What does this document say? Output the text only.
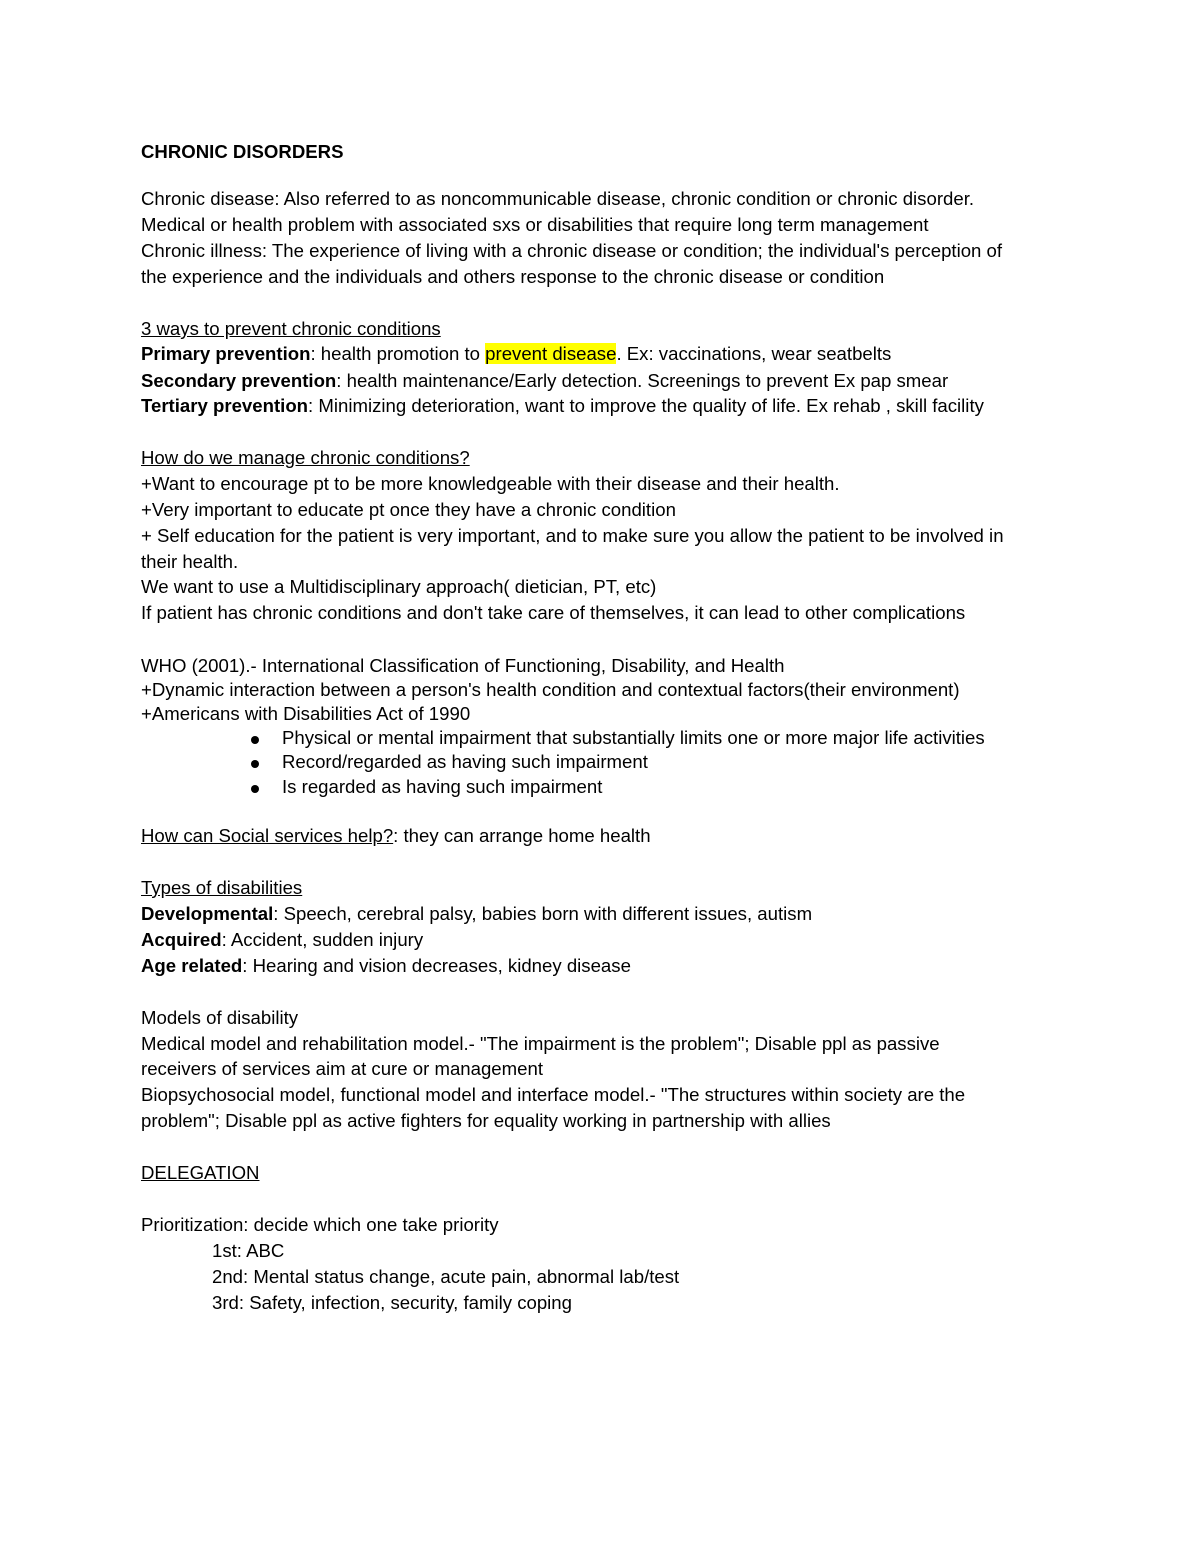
CHRONIC DISORDERS
Chronic disease: Also referred to as noncommunicable disease, chronic condition or chronic disorder.
Medical or health problem with associated sxs or disabilities that require long term management
Chronic illness: The experience of living with a chronic disease or condition; the individual's perception of
the experience and the individuals and others response to the chronic disease or condition
3 ways to prevent chronic conditions
Primary prevention: health promotion to prevent disease. Ex: vaccinations, wear seatbelts
Secondary prevention: health maintenance/Early detection. Screenings to prevent Ex pap smear
Tertiary prevention: Minimizing deterioration, want to improve the quality of life. Ex rehab , skill facility
How do we manage chronic conditions?
+Want to encourage pt to be more knowledgeable with their disease and their health.
+Very important to educate pt once they have a chronic condition
+ Self education for the patient is very important, and to make sure you allow the patient to be involved in
their health.
We want to use a Multidisciplinary approach( dietician, PT, etc)
If patient has chronic conditions and don't take care of themselves, it can lead to other complications
WHO (2001).- International Classification of Functioning, Disability, and Health
+Dynamic interaction between a person's health condition and contextual factors(their environment)
+Americans with Disabilities Act of 1990
Physical or mental impairment that substantially limits one or more major life activities
Record/regarded as having such impairment
Is regarded as having such impairment
How can Social services help?: they can arrange home health
Types of disabilities
Developmental: Speech, cerebral palsy, babies born with different issues, autism
Acquired: Accident, sudden injury
Age related: Hearing and vision decreases, kidney disease
Models of disability
Medical model and rehabilitation model.- "The impairment is the problem"; Disable ppl as passive
receivers of services aim at cure or management
Biopsychosocial model, functional model and interface model.- "The structures within society are the
problem"; Disable ppl as active fighters for equality working in partnership with allies
DELEGATION
Prioritization: decide which one take priority
1st: ABC
2nd: Mental status change, acute pain, abnormal lab/test
3rd: Safety, infection, security, family coping
